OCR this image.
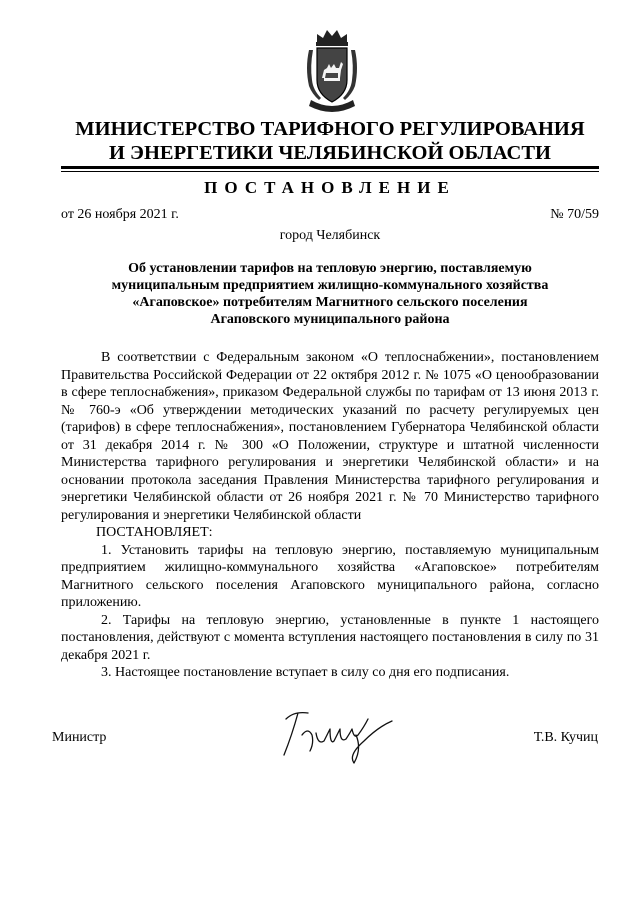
МИНИСТЕРСТВО ТАРИФНОГО РЕГУЛИРОВАНИЯ
И ЭНЕРГЕТИКИ ЧЕЛЯБИНСКОЙ ОБЛАСТИ
ПОСТАНОВЛЕНИЕ
от 26 ноября 2021 г.	№ 70/59
город Челябинск
Об установлении тарифов на тепловую энергию, поставляемую
муниципальным предприятием жилищно-коммунального хозяйства
«Агаповское» потребителям Магнитного сельского поселения
Агаповского муниципального района

В соответствии с Федеральным законом «О теплоснабжении», постановлением Правительства Российской Федерации от 22 октября 2012 г. № 1075 «О ценообразовании в сфере теплоснабжения», приказом Федеральной службы по тарифам от 13 июня 2013 г. № 760-э «Об утверждении методических указаний по расчету регулируемых цен (тарифов) в сфере теплоснабжения», постановлением Губернатора Челябинской области от 31 декабря 2014 г. № 300 «О Положении, структуре и штатной численности Министерства тарифного регулирования и энергетики Челябинской области» и на основании протокола заседания Правления Министерства тарифного регулирования и энергетики Челябинской области от 26 ноября 2021 г. № 70 Министерство тарифного регулирования и энергетики Челябинской области

ПОСТАНОВЛЯЕТ:

1. Установить тарифы на тепловую энергию, поставляемую муниципальным предприятием жилищно-коммунального хозяйства «Агаповское» потребителям Магнитного сельского поселения Агаповского муниципального района, согласно приложению.

2. Тарифы на тепловую энергию, установленные в пункте 1 настоящего постановления, действуют с момента вступления настоящего постановления в силу по 31 декабря 2021 г.

3. Настоящее постановление вступает в силу со дня его подписания.

Министр	Т.В. Кучиц
